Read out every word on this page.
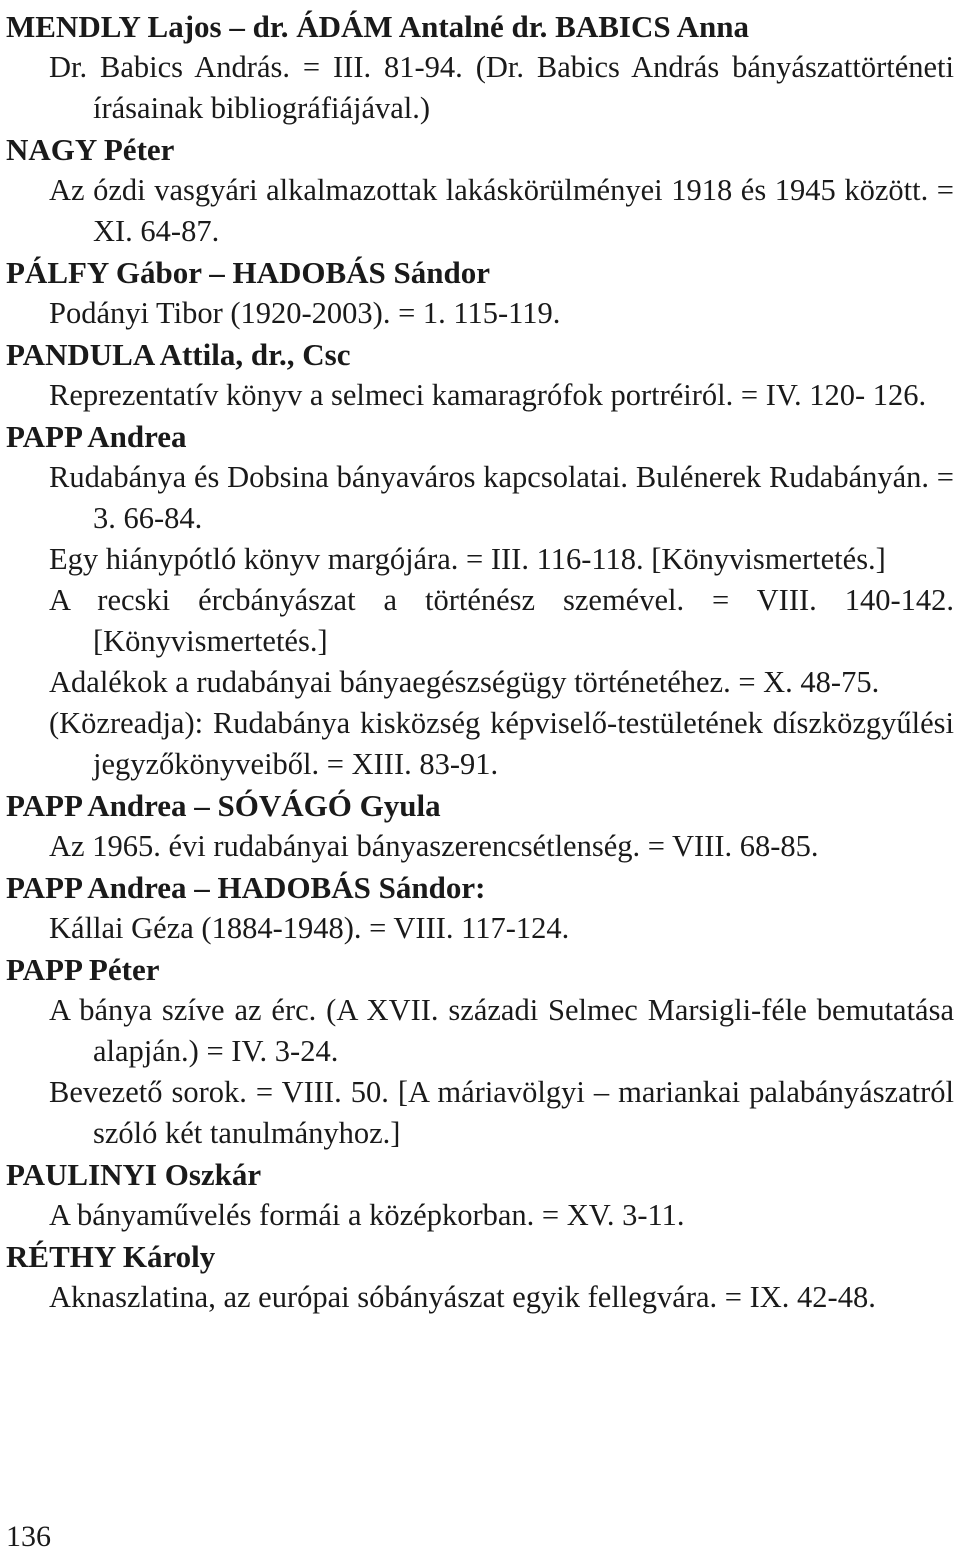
MENDLY Lajos – dr. ÁDÁM Antalné dr. BABICS Anna

Dr. Babics András. = III. 81-94. (Dr. Babics András bányászattörténeti írásainak bibliográfiájával.)

NAGY Péter

Az ózdi vasgyári alkalmazottak lakáskörülményei 1918 és 1945 között. = XI. 64-87.

PÁLFY Gábor – HADOBÁS Sándor

Podányi Tibor (1920-2003). = 1. 115-119.

PANDULA Attila, dr., Csc

Reprezentatív könyv a selmeci kamaragrófok portréiról. = IV. 120- 126.

PAPP Andrea

Rudabánya és Dobsina bányaváros kapcsolatai. Bulénerek Rudabányán. = 3. 66-84.

Egy hiánypótló könyv margójára. = III. 116-118. [Könyvismertetés.]

A recski ércbányászat a történész szemével. = VIII. 140-142. [Könyvismertetés.]

Adalékok a rudabányai bányaegészségügy történetéhez. = X. 48-75.

(Közreadja): Rudabánya kisközség képviselő-testületének díszközgyűlési jegyzőkönyveiből. = XIII. 83-91.

PAPP Andrea – SÓVÁGÓ Gyula

Az 1965. évi rudabányai bányaszerencsétlenség. = VIII. 68-85.

PAPP Andrea – HADOBÁS Sándor:

Kállai Géza (1884-1948). = VIII. 117-124.

PAPP Péter

A bánya szíve az érc. (A XVII. századi Selmec Marsigli-féle bemutatása alapján.) = IV. 3-24.

Bevezető sorok. = VIII. 50. [A máriavölgyi – mariankai palabányászatról szóló két tanulmányhoz.]

PAULINYI Oszkár

A bányaművelés formái a középkorban. = XV. 3-11.

RÉTHY Károly

Aknaszlatina, az európai sóbányászat egyik fellegvára. = IX. 42-48.

136
